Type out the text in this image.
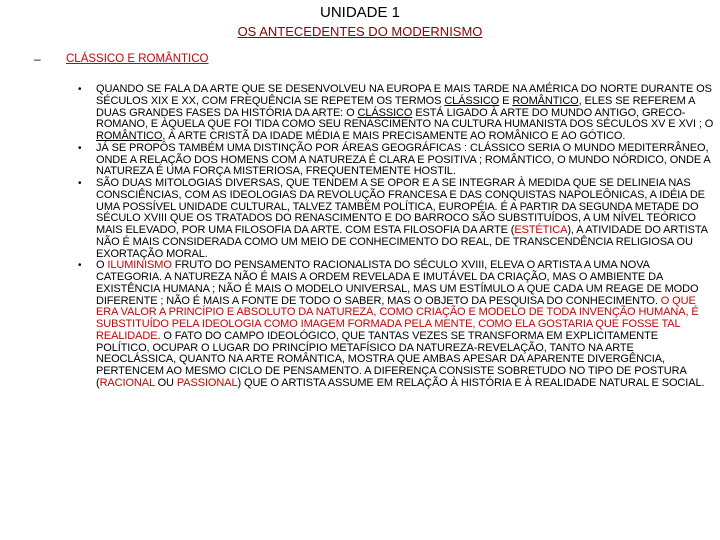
UNIDADE 1
OS ANTECEDENTES DO MODERNISMO
– CLÁSSICO E ROMÂNTICO
• QUANDO SE FALA DA ARTE QUE SE DESENVOLVEU NA EUROPA E MAIS TARDE NA AMÉRICA DO NORTE DURANTE OS SÉCULOS XIX E XX, COM FREQUÊNCIA SE REPETEM OS TERMOS CLÁSSICO E ROMÂNTICO, ELES SE REFEREM A DUAS GRANDES FASES DA HISTÓRIA DA ARTE: O CLÁSSICO ESTÁ LIGADO À ARTE DO MUNDO ANTIGO, GRECO-ROMANO, E ÀQUELA QUE FOI TIDA COMO SEU RENASCIMENTO NA CULTURA HUMANISTA DOS SÉCULOS XV E XVI ; O ROMÂNTICO, À ARTE CRISTÃ DA IDADE MÉDIA E MAIS PRECISAMENTE AO ROMÂNICO E AO GÓTICO.
• JÁ SE PROPÔS TAMBÉM UMA DISTINÇÃO POR ÁREAS GEOGRÁFICAS : CLÁSSICO SERIA O MUNDO MEDITERRÂNEO, ONDE A RELAÇÃO DOS HOMENS COM A NATUREZA É CLARA E POSITIVA ; ROMÂNTICO, O MUNDO NÓRDICO, ONDE A NATUREZA É UMA FORÇA MISTERIOSA, FREQUENTEMENTE HOSTIL.
• SÃO DUAS MITOLOGIAS DIVERSAS, QUE TENDEM A SE OPOR E A SE INTEGRAR À MEDIDA QUE SE DELINEIA NAS CONSCIÊNCIAS, COM AS IDEOLOGIAS DA REVOLUÇÃO FRANCESA E DAS CONQUISTAS NAPOLEÔNICAS, A IDÉIA DE UMA POSSÍVEL UNIDADE CULTURAL, TALVEZ TAMBÉM POLÍTICA, EUROPÉIA. É A PARTIR DA SEGUNDA METADE DO SÉCULO XVIII QUE OS TRATADOS DO RENASCIMENTO E DO BARROCO SÃO SUBSTITUÍDOS, A UM NÍVEL TEÓRICO MAIS ELEVADO, POR UMA FILOSOFIA DA ARTE. COM ESTA FILOSOFIA DA ARTE (ESTÉTICA), A ATIVIDADE DO ARTISTA NÃO É MAIS CONSIDERADA COMO UM MEIO DE CONHECIMENTO DO REAL, DE TRANSCENDÊNCIA RELIGIOSA OU EXORTAÇÃO MORAL.
• O ILUMINISMO FRUTO DO PENSAMENTO RACIONALISTA DO SÉCULO XVIII, ELEVA O ARTISTA A UMA NOVA CATEGORIA. A NATUREZA NÃO É MAIS A ORDEM REVELADA E IMUTÁVEL DA CRIAÇÃO, MAS O AMBIENTE DA EXISTÊNCIA HUMANA ; NÃO É MAIS O MODELO UNIVERSAL, MAS UM ESTÍMULO A QUE CADA UM REAGE DE MODO DIFERENTE ; NÃO É MAIS A FONTE DE TODO O SABER, MAS O OBJETO DA PESQUISA DO CONHECIMENTO. O QUE ERA VALOR A PRINCÍPIO E ABSOLUTO DA NATUREZA, COMO CRIAÇÃO E MODELO DE TODA INVENÇÃO HUMANA, É SUBSTITUÍDO PELA IDEOLOGIA COMO IMAGEM FORMADA PELA MENTE, COMO ELA GOSTARIA QUE FOSSE TAL REALIDADE. O FATO DO CAMPO IDEOLÓGICO, QUE TANTAS VEZES SE TRANSFORMA EM EXPLICITAMENTE POLÍTICO, OCUPAR O LUGAR DO PRINCÍPIO METAFÍSICO DA NATUREZA-REVELAÇÃO, TANTO NA ARTE NEOCLÁSSICA, QUANTO NA ARTE ROMÂNTICA, MOSTRA QUE AMBAS APESAR DA APARENTE DIVERGÊNCIA, PERTENCEM AO MESMO CICLO DE PENSAMENTO. A DIFERENÇA CONSISTE SOBRETUDO NO TIPO DE POSTURA (RACIONAL OU PASSIONAL) QUE O ARTISTA ASSUME EM RELAÇÃO À HISTÓRIA E À REALIDADE NATURAL E SOCIAL.
